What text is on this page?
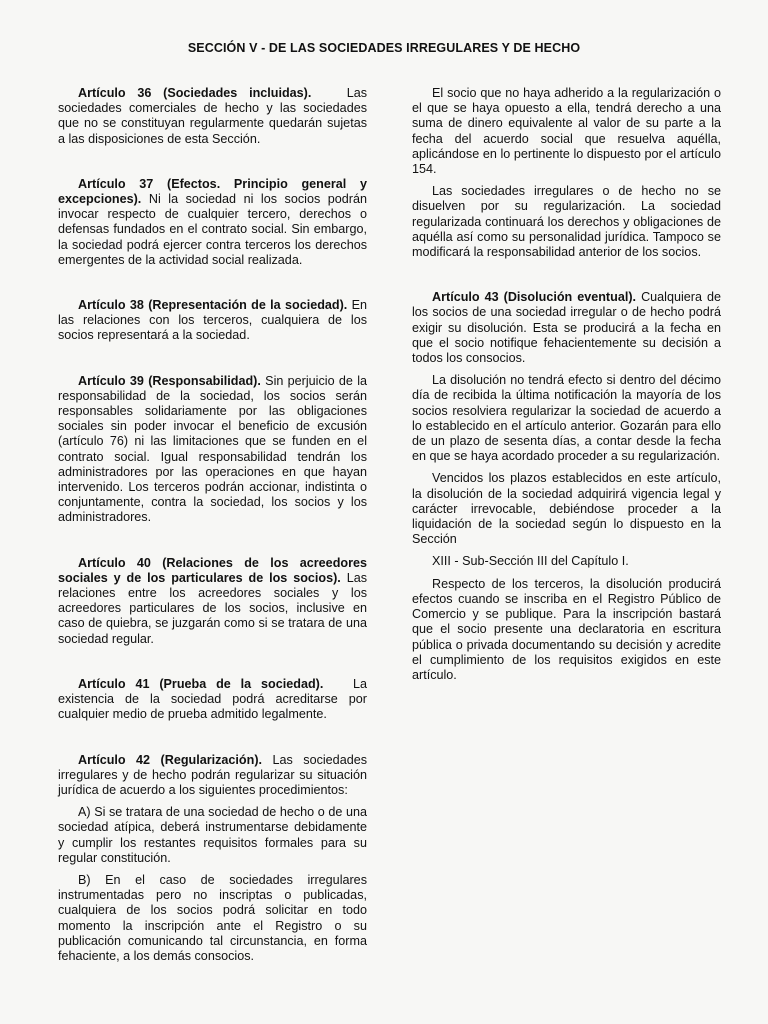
SECCIÓN V - DE LAS SOCIEDADES IRREGULARES Y DE HECHO

Artículo 36 (Sociedades incluidas).	Las sociedades comerciales de hecho y las sociedades que no se constituyan regularmente quedarán sujetas a las disposiciones de esta Sección.

Artículo 37 (Efectos. Principio general y excepciones). Ni la sociedad ni los socios podrán invocar respecto de cualquier tercero, derechos o defensas fundados en el contrato social. Sin embargo, la sociedad podrá ejercer contra terceros los derechos emergentes de la actividad social realizada.

Artículo 38 (Representación de la sociedad). En las relaciones con los terceros, cualquiera de los socios representará a la sociedad.

Artículo 39 (Responsabilidad). Sin perjuicio de la responsabilidad de la sociedad, los socios serán responsables solidariamente por las obligaciones sociales sin poder invocar el beneficio de excusión (artículo 76) ni las limitaciones que se funden en el contrato social. Igual responsabilidad tendrán los administradores por las operaciones en que hayan intervenido. Los terceros podrán accionar, indistinta o conjuntamente, contra la sociedad, los socios y los administradores.

Artículo 40 (Relaciones de los acreedores sociales y de los particulares de los socios). Las relaciones entre los acreedores sociales y los acreedores particulares de los socios, inclusive en caso de quiebra, se juzgarán como si se tratara de una sociedad regular.

Artículo 41 (Prueba de la sociedad). La existencia de la sociedad podrá acreditarse por cualquier medio de prueba admitido legalmente.

Artículo 42 (Regularización). Las sociedades irregulares y de hecho podrán regularizar su situación jurídica de acuerdo a los siguientes procedimientos:

A) Si se tratara de una sociedad de hecho o de una sociedad atípica, deberá instrumentarse debidamente y cumplir los restantes requisitos formales para su regular constitución.

B) En el caso de sociedades irregulares instrumentadas pero no inscriptas o publicadas, cualquiera de los socios podrá solicitar en todo momento la inscripción ante el Registro o su publicación comunicando tal circunstancia, en forma fehaciente, a los demás consocios.

El socio que no haya adherido a la regularización o el que se haya opuesto a ella, tendrá derecho a una suma de dinero equivalente al valor de su parte a la fecha del acuerdo social que resuelva aquélla, aplicándose en lo pertinente lo dispuesto por el artículo 154.

Las sociedades irregulares o de hecho no se disuelven por su regularización. La sociedad regularizada continuará los derechos y obligaciones de aquélla así como su personalidad jurídica. Tampoco se modificará la responsabilidad anterior de los socios.

Artículo 43 (Disolución eventual). Cualquiera de los socios de una sociedad irregular o de hecho podrá exigir su disolución. Esta se producirá a la fecha en que el socio notifique fehacientemente su decisión a todos los consocios.

La disolución no tendrá efecto si dentro del décimo día de recibida la última notificación la mayoría de los socios resolviera regularizar la sociedad de acuerdo a lo establecido en el artículo anterior. Gozarán para ello de un plazo de sesenta días, a contar desde la fecha en que se haya acordado proceder a su regularización.

Vencidos los plazos establecidos en este artículo, la disolución de la sociedad adquirirá vigencia legal y carácter irrevocable, debiéndose proceder a la liquidación de la sociedad según lo dispuesto en la Sección

XIII - Sub-Sección III del Capítulo I.

Respecto de los terceros, la disolución producirá efectos cuando se inscriba en el Registro Público de Comercio y se publique. Para la inscripción bastará que el socio presente una declaratoria en escritura pública o privada documentando su decisión y acredite el cumplimiento de los requisitos exigidos en este artículo.
